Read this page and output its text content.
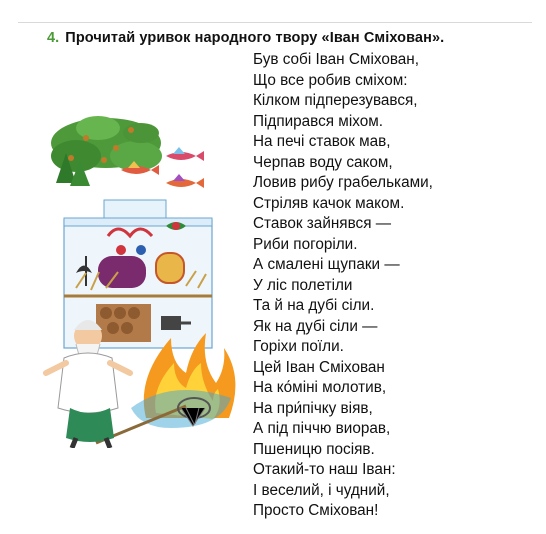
4. Прочитай уривок народного твору «Іван Сміхован».
Був собі Іван Сміхован,
Що все робив сміхом:
Кілком підперезувався,
Підпирався міхом.
На печі ставок мав,
Черпав воду саком,
Ловив рибу грабельками,
Стріляв качок маком.
Ставок зайнявся —
Риби погоріли.
А смалені щупаки —
У ліс полетіли
Та й на дубі сіли.
Як на дубі сіли —
Горіхи поїли.
Цей Іван Сміхован
На ко́міні молотив,
На при́пічку віяв,
А під піччю виорав,
Пшеницю посіяв.
Отакий-то наш Іван:
І веселий, і чудний,
Просто Сміхован!
